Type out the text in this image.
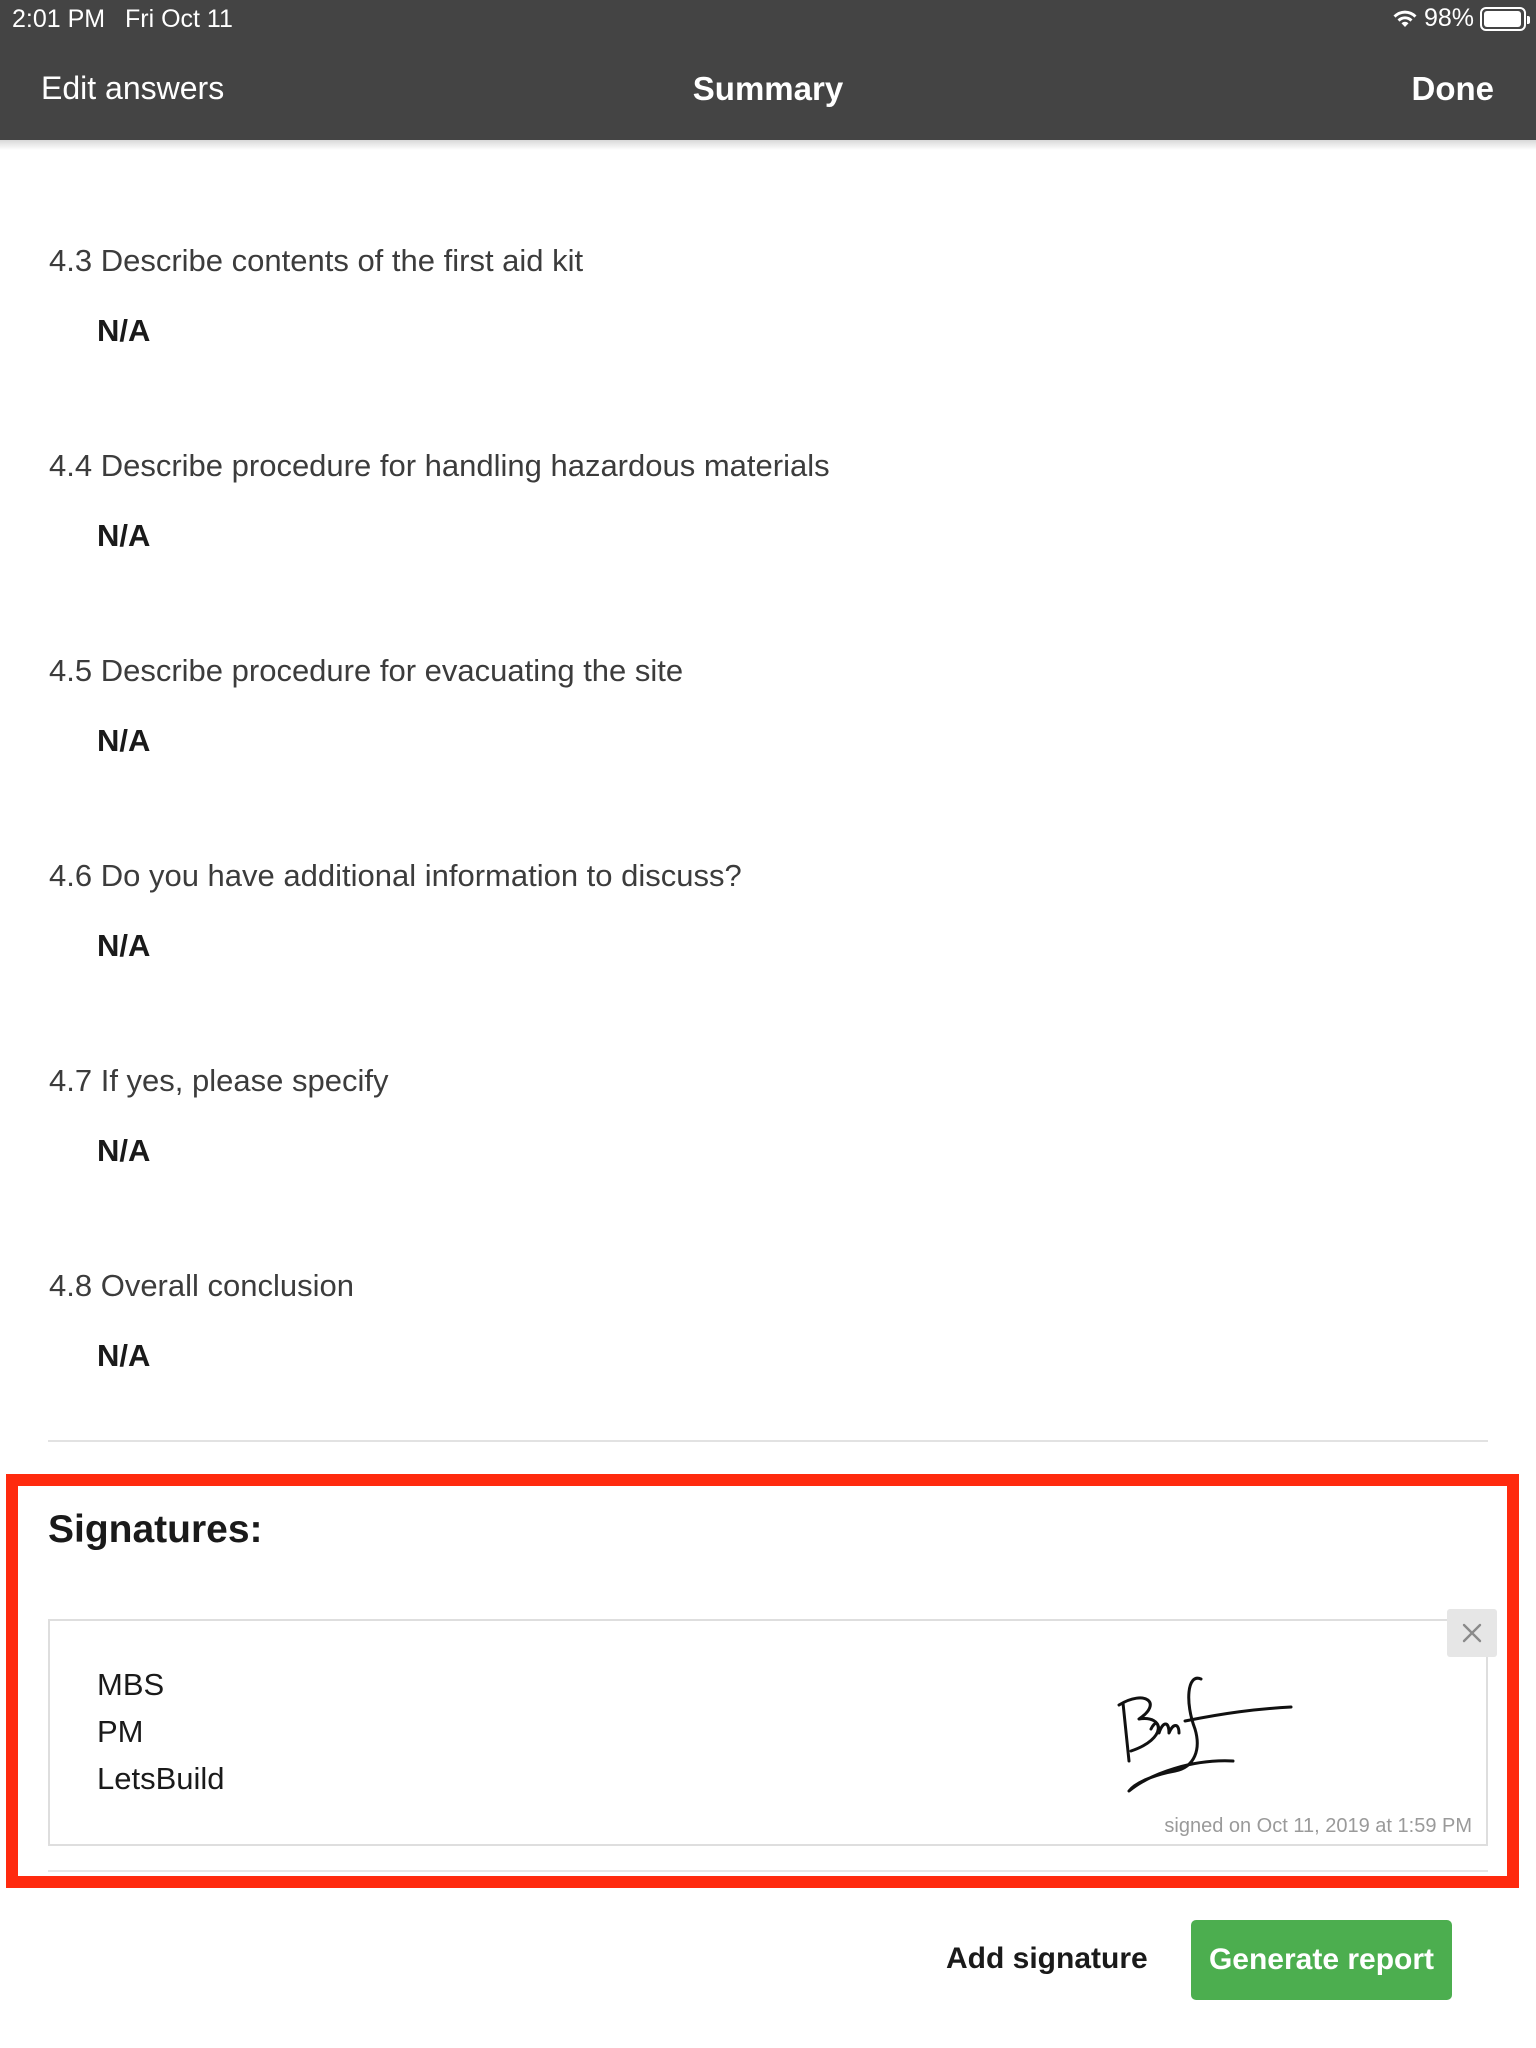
2:01 PM Fri Oct 11	98%
Edit answers	Summary	Done
4.3 Describe contents of the first aid kit
N/A
4.4 Describe procedure for handling hazardous materials
N/A
4.5 Describe procedure for evacuating the site
N/A
4.6 Do you have additional information to discuss?
N/A
4.7 If yes, please specify
N/A
4.8 Overall conclusion
N/A
Signatures:
MBS
PM
LetsBuild
signed on Oct 11, 2019 at 1:59 PM
Add signature	Generate report
